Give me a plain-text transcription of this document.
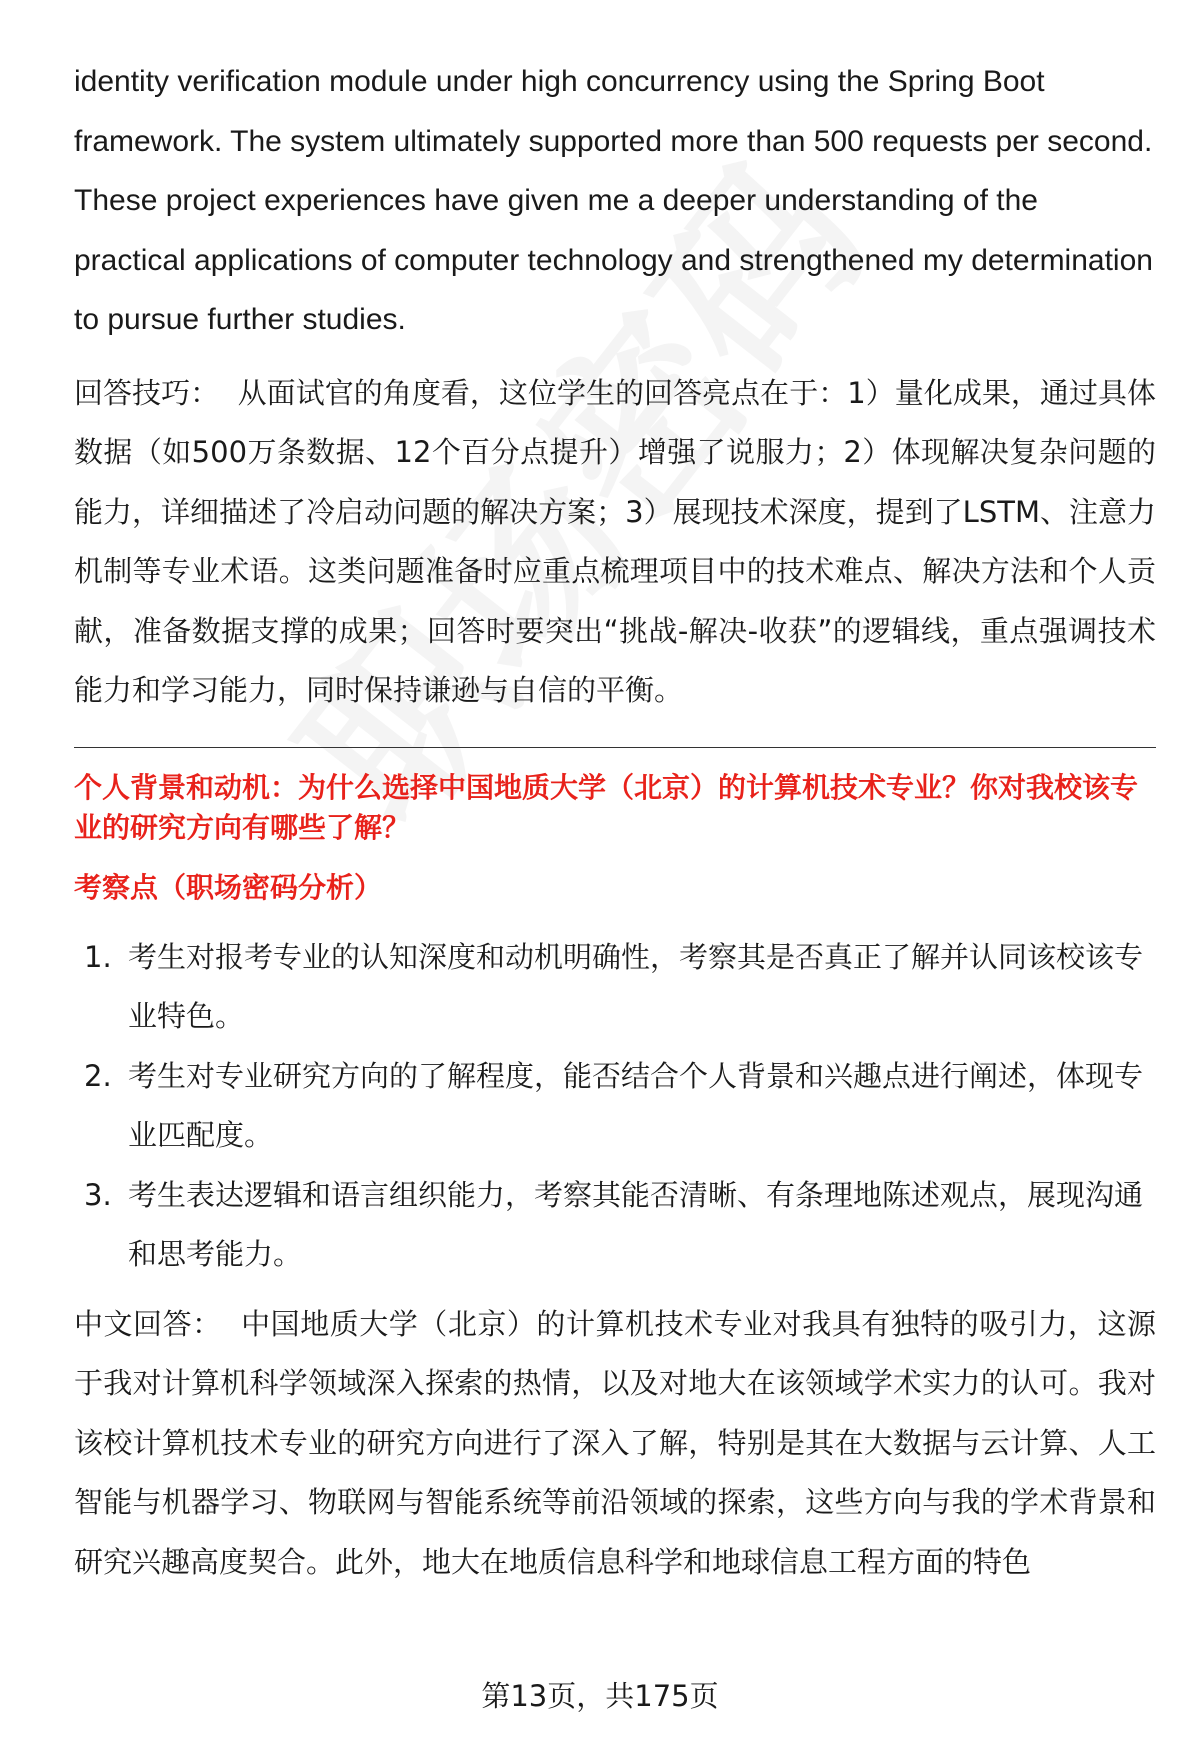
identity verification module under high concurrency using the Spring Boot framework. The system ultimately supported more than 500 requests per second. These project experiences have given me a deeper understanding of the practical applications of computer technology and strengthened my determination to pursue further studies.

回答技巧： 从面试官的角度看，这位学生的回答亮点在于：1）量化成果，通过具体数据（如500万条数据、12个百分点提升）增强了说服力；2）体现解决复杂问题的能力，详细描述了冷启动问题的解决方案；3）展现技术深度，提到了LSTM、注意力机制等专业术语。这类问题准备时应重点梳理项目中的技术难点、解决方法和个人贡献，准备数据支撑的成果；回答时要突出“挑战-解决-收获”的逻辑线，重点强调技术能力和学习能力，同时保持谦逊与自信的平衡。

个人背景和动机：为什么选择中国地质大学（北京）的计算机技术专业？你对我校该专业的研究方向有哪些了解？

考察点（职场密码分析）

1. 考生对报考专业的认知深度和动机明确性，考察其是否真正了解并认同该校该专业特色。
2. 考生对专业研究方向的了解程度，能否结合个人背景和兴趣点进行阐述，体现专业匹配度。
3. 考生表达逻辑和语言组织能力，考察其能否清晰、有条理地陈述观点，展现沟通和思考能力。

中文回答： 中国地质大学（北京）的计算机技术专业对我具有独特的吸引力，这源于我对计算机科学领域深入探索的热情，以及对地大在该领域学术实力的认可。我对该校计算机技术专业的研究方向进行了深入了解，特别是其在大数据与云计算、人工智能与机器学习、物联网与智能系统等前沿领域的探索，这些方向与我的学术背景和研究兴趣高度契合。此外，地大在地质信息科学和地球信息工程方面的特色

第13页，共175页
